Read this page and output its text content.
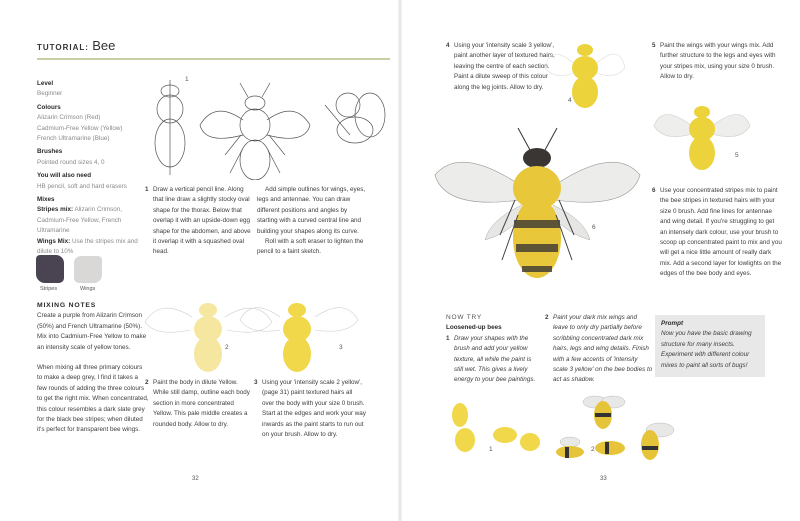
TUTORIAL: Bee

Level

Beginner

Colours

Alizarin Crimson (Red)

Cadmium-Free Yellow (Yellow)

French Ultramarine (Blue)

Brushes

Pointed round sizes 4, 0

You will also need

HB pencil, soft and hard erasers

Mixes

Stripes mix: Alizarin Crimson, Cadmium-Free Yellow, French Ultramarine

Wings Mix: Use the stripes mix and dilute to 10%

Stripes	Wings
1
1 Draw a vertical pencil line. Along that line draw a slightly stocky oval shape for the thorax. Below that overlap it with an upside-down egg shape for the abdomen, and above it overlap it with a squashed oval head.

Add simple outlines for wings, eyes, legs and antennae. You can draw different positions and angles by starting with a curved central line and building your shapes along its curve.

Roll with a soft eraser to lighten the pencil to a faint sketch.

MIXING NOTES

Create a purple from Alizarin Crimson (50%) and French Ultramarine (50%). Mix into Cadmium-Free Yellow to make an intensity scale of yellow tones.

When mixing all three primary colours to make a deep grey, I find it takes a few rounds of adding the three colours to get the right mix. When concentrated, this colour resembles a dark slate grey for the black bee stripes; when diluted it's perfect for transparent bee wings.

2	3
2 Paint the body in dilute Yellow. While still damp, outline each body section in more concentrated Yellow. This pale middle creates a rounded body. Allow to dry.
3 Using your 'intensity scale 2 yellow', (page 31) paint textured hairs all over the body with your size 0 brush. Start at the edges and work your way inwards as the paint starts to run out on your brush. Allow to dry.
32
4 Using your 'intensity scale 3 yellow', paint another layer of textured hairs, leaving the centre of each section. Paint a dilute sweep of this colour along the leg joints. Allow to dry.
4
5 Paint the wings with your wings mix. Add further structure to the legs and eyes with your stripes mix, using your size 0 brush. Allow to dry.
5
6
6 Use your concentrated stripes mix to paint the bee stripes in textured hairs with your size 0 brush. Add fine lines for antennae and wing detail. If you're struggling to get an intensely dark colour, use your brush to scoop up concentrated paint to mix and you will get a nice little amount of really dark mix. Add a second layer for lowlights on the edges of the bee body and eyes.

NOW TRY

Loosened-up bees

1 Draw your shapes with the brush and add your yellow texture, all while the paint is still wet. This gives a lively energy to your bee paintings.
2 Paint your dark mix wings and leave to only dry partially before scribbling concentrated dark mix hairs, legs and wing details. Finish with a few accents of 'intensity scale 3 yellow' on the bee bodies to act as shadow.

Prompt

Now you have the basic drawing structure for many insects. Experiment with different colour mixes to paint all sorts of bugs!

1	2
33
